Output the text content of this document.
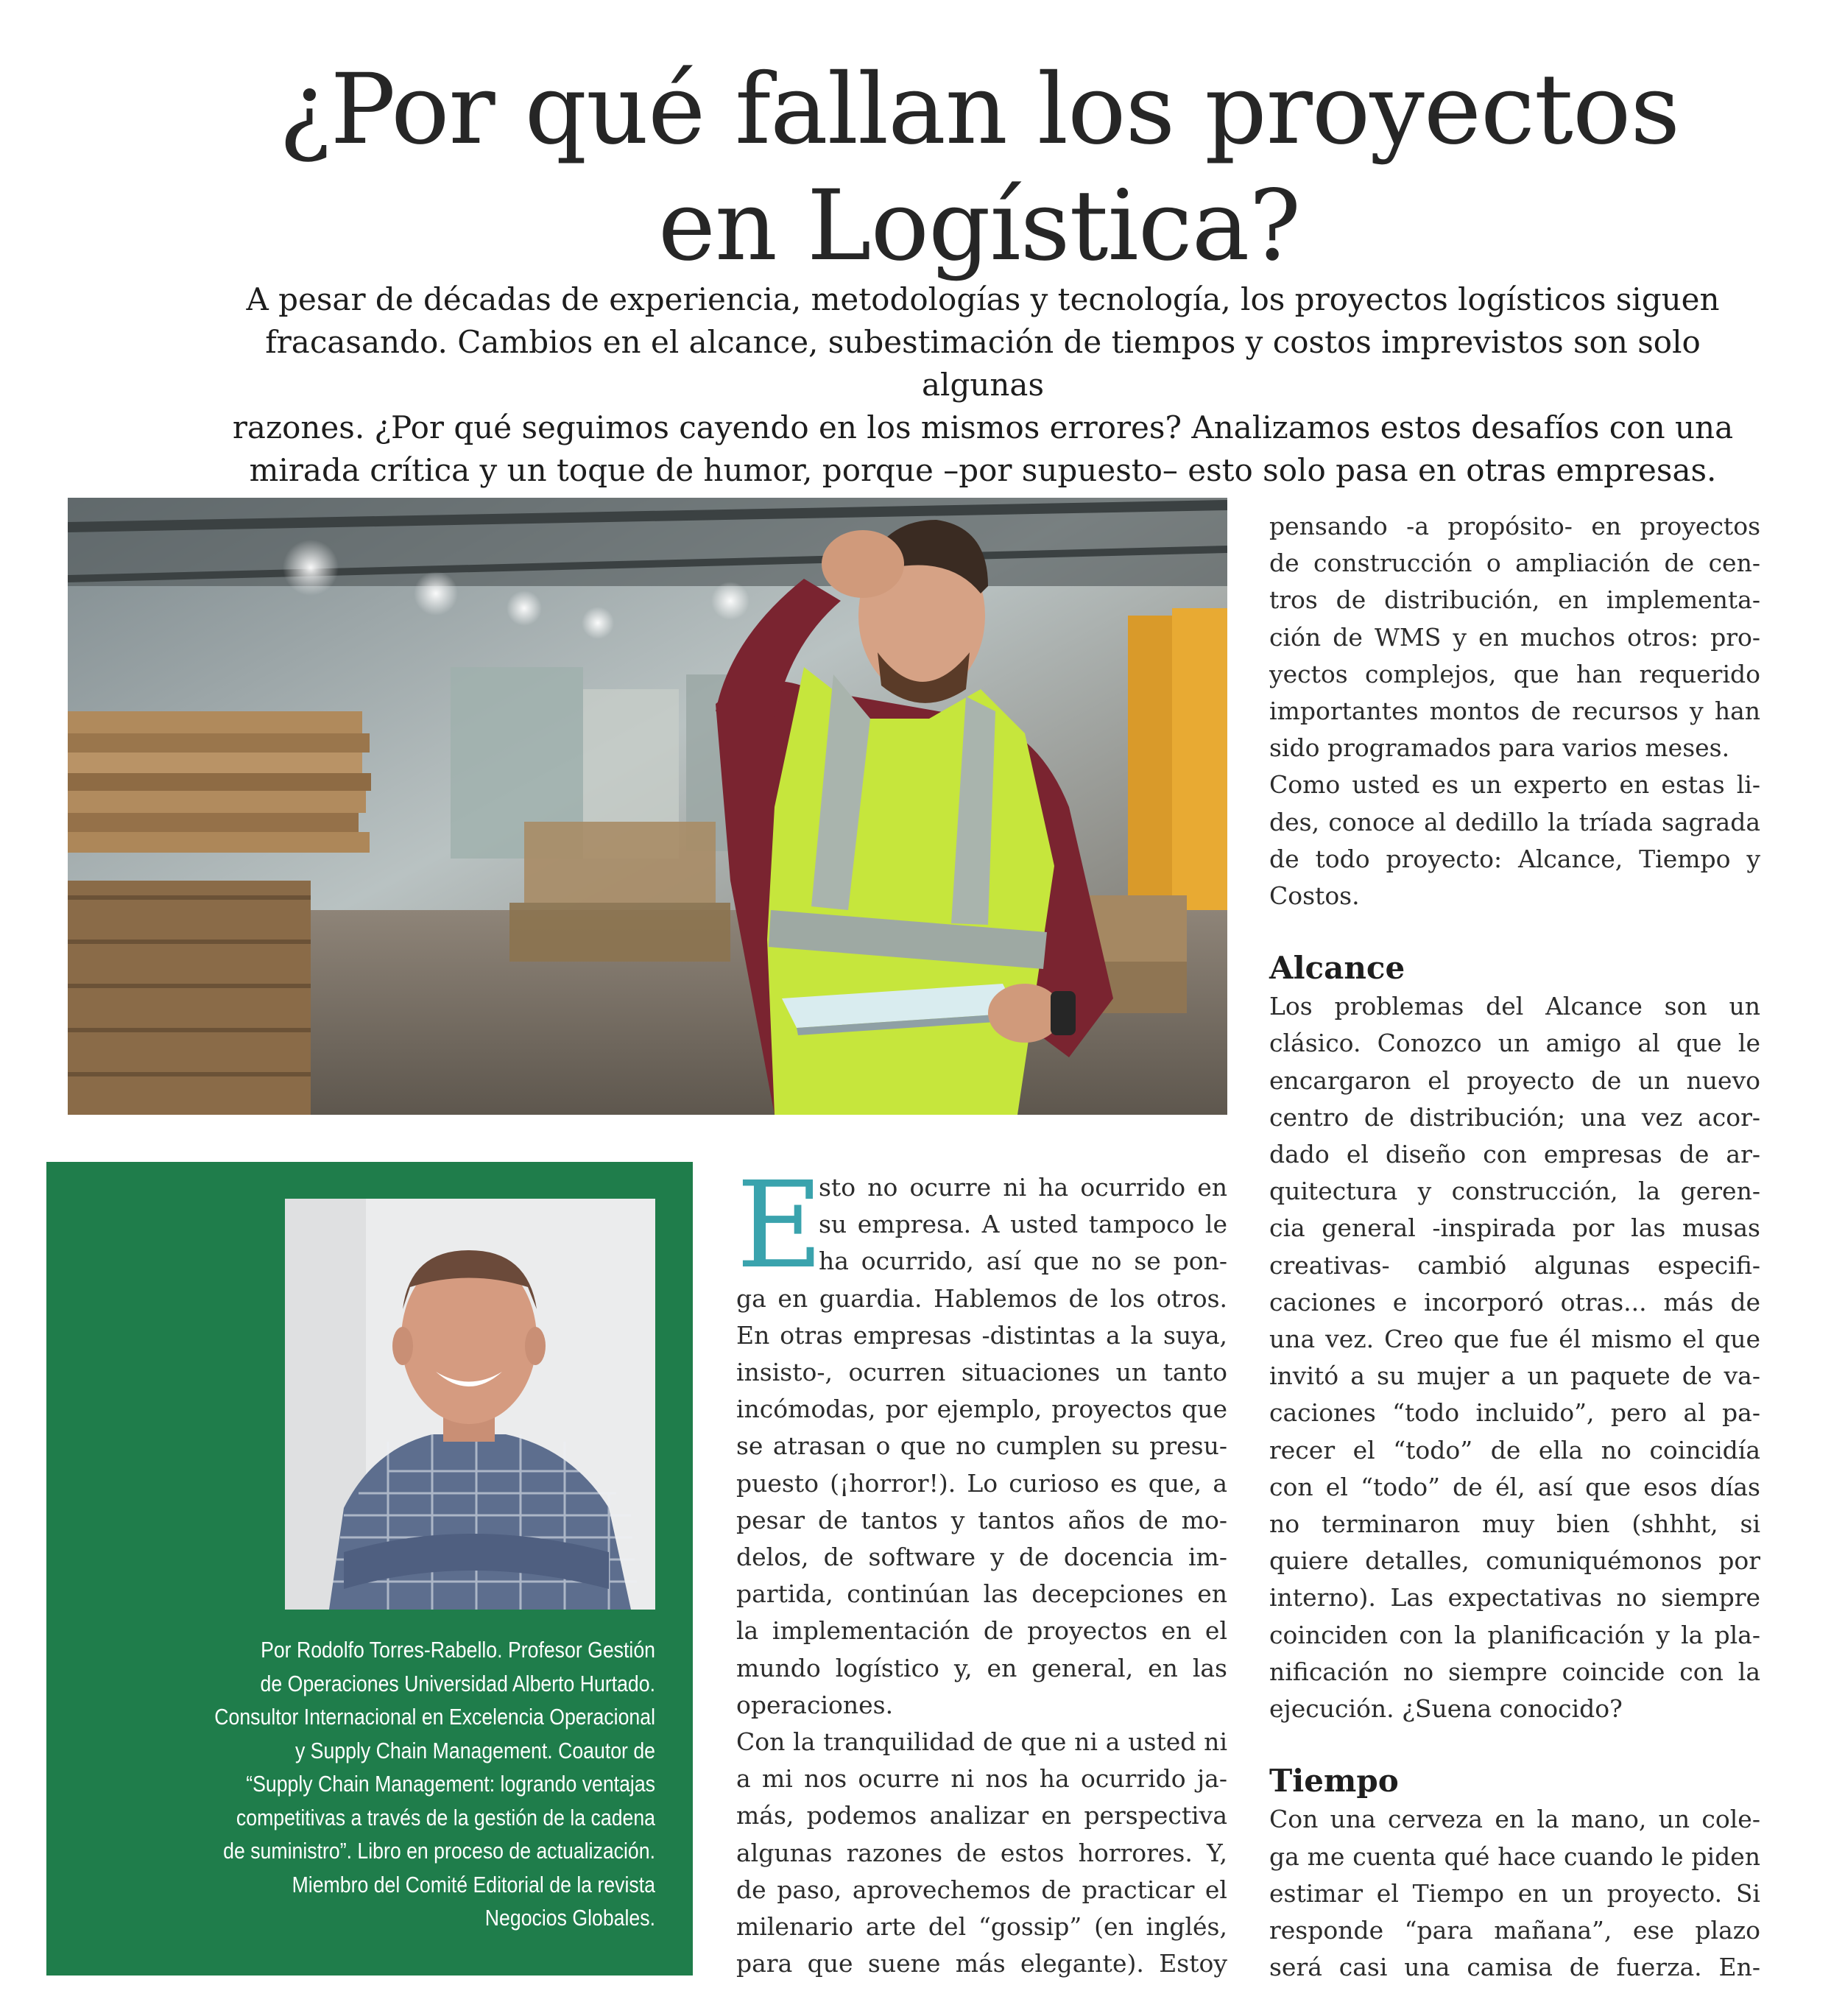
¿Por qué fallan los proyectos
en Logística?
A pesar de décadas de experiencia, metodologías y tecnología, los proyectos logísticos siguen
fracasando. Cambios en el alcance, subestimación de tiempos y costos imprevistos son solo algunas
razones. ¿Por qué seguimos cayendo en los mismos errores? Analizamos estos desafíos con una
mirada crítica y un toque de humor, porque –por supuesto– esto solo pasa en otras empresas.
Por Rodolfo Torres-Rabello. Profesor Gestión
de Operaciones Universidad Alberto Hurtado.
Consultor Internacional en Excelencia Operacional
y Supply Chain Management. Coautor de
“Supply Chain Management: logrando ventajas
competitivas a través de la gestión de la cadena
de suministro”. Libro en proceso de actualización.
Miembro del Comité Editorial de la revista
Negocios Globales.
E
sto no ocurre ni ha ocurrido en
su empresa. A usted tampoco le
ha ocurrido, así que no se pon-
ga en guardia. Hablemos de los otros.
En otras empresas -distintas a la suya,
insisto-, ocurren situaciones un tanto
incómodas, por ejemplo, proyectos que
se atrasan o que no cumplen su presu-
puesto (¡horror!). Lo curioso es que, a
pesar de tantos y tantos años de mo-
delos, de software y de docencia im-
partida, continúan las decepciones en
la implementación de proyectos en el
mundo logístico y, en general, en las
operaciones.
Con la tranquilidad de que ni a usted ni
a mi nos ocurre ni nos ha ocurrido ja-
más, podemos analizar en perspectiva
algunas razones de estos horrores. Y,
de paso, aprovechemos de practicar el
milenario arte del “gossip” (en inglés,
para que suene más elegante). Estoy
pensando -a propósito- en proyectos
de construcción o ampliación de cen-
tros de distribución, en implementa-
ción de WMS y en muchos otros: pro-
yectos complejos, que han requerido
importantes montos de recursos y han
sido programados para varios meses.
Como usted es un experto en estas li-
des, conoce al dedillo la tríada sagrada
de todo proyecto: Alcance, Tiempo y
Costos.
Alcance
Los problemas del Alcance son un
clásico. Conozco un amigo al que le
encargaron el proyecto de un nuevo
centro de distribución; una vez acor-
dado el diseño con empresas de ar-
quitectura y construcción, la geren-
cia general -inspirada por las musas
creativas- cambió algunas especifi-
caciones e incorporó otras... más de
una vez. Creo que fue él mismo el que
invitó a su mujer a un paquete de va-
caciones “todo incluido”, pero al pa-
recer el “todo” de ella no coincidía
con el “todo” de él, así que esos días
no terminaron muy bien (shhht, si
quiere detalles, comuniquémonos por
interno). Las expectativas no siempre
coinciden con la planificación y la pla-
nificación no siempre coincide con la
ejecución. ¿Suena conocido?
Tiempo
Con una cerveza en la mano, un cole-
ga me cuenta qué hace cuando le piden
estimar el Tiempo en un proyecto. Si
responde “para mañana”, ese plazo
será casi una camisa de fuerza. En-
